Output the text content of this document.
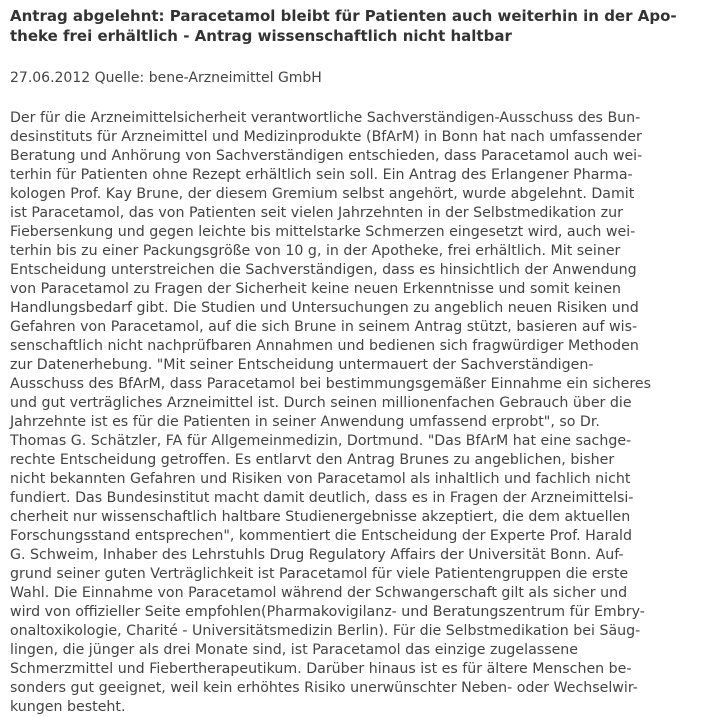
Antrag abgelehnt: Paracetamol bleibt für Patienten auch weiterhin in der Apo-
theke frei erhältlich - Antrag wissenschaftlich nicht haltbar
27.06.2012 Quelle: bene-Arzneimittel GmbH
Der für die Arzneimittelsicherheit verantwortliche Sachverständigen-Ausschuss des Bun-
desinstituts für Arzneimittel und Medizinprodukte (BfArM) in Bonn hat nach umfassender
Beratung und Anhörung von Sachverständigen entschieden, dass Paracetamol auch wei-
terhin für Patienten ohne Rezept erhältlich sein soll. Ein Antrag des Erlangener Pharma-
kologen Prof. Kay Brune, der diesem Gremium selbst angehört, wurde abgelehnt. Damit
ist Paracetamol, das von Patienten seit vielen Jahrzehnten in der Selbstmedikation zur
Fiebersenkung und gegen leichte bis mittelstarke Schmerzen eingesetzt wird, auch wei-
terhin bis zu einer Packungsgröße von 10 g, in der Apotheke, frei erhältlich. Mit seiner
Entscheidung unterstreichen die Sachverständigen, dass es hinsichtlich der Anwendung
von Paracetamol zu Fragen der Sicherheit keine neuen Erkenntnisse und somit keinen
Handlungsbedarf gibt. Die Studien und Untersuchungen zu angeblich neuen Risiken und
Gefahren von Paracetamol, auf die sich Brune in seinem Antrag stützt, basieren auf wis-
senschaftlich nicht nachprüfbaren Annahmen und bedienen sich fragwürdiger Methoden
zur Datenerhebung. "Mit seiner Entscheidung untermauert der Sachverständigen-
Ausschuss des BfArM, dass Paracetamol bei bestimmungsgemäßer Einnahme ein sicheres
und gut verträgliches Arzneimittel ist. Durch seinen millionenfachen Gebrauch über die
Jahrzehnte ist es für die Patienten in seiner Anwendung umfassend erprobt", so Dr.
Thomas G. Schätzler, FA für Allgemeinmedizin, Dortmund. "Das BfArM hat eine sachge-
rechte Entscheidung getroffen. Es entlarvt den Antrag Brunes zu angeblichen, bisher
nicht bekannten Gefahren und Risiken von Paracetamol als inhaltlich und fachlich nicht
fundiert. Das Bundesinstitut macht damit deutlich, dass es in Fragen der Arzneimittelsi-
cherheit nur wissenschaftlich haltbare Studienergebnisse akzeptiert, die dem aktuellen
Forschungsstand entsprechen", kommentiert die Entscheidung der Experte Prof. Harald
G. Schweim, Inhaber des Lehrstuhls Drug Regulatory Affairs der Universität Bonn. Auf-
grund seiner guten Verträglichkeit ist Paracetamol für viele Patientengruppen die erste
Wahl. Die Einnahme von Paracetamol während der Schwangerschaft gilt als sicher und
wird von offizieller Seite empfohlen(Pharmakovigilanz- und Beratungszentrum für Embry-
onaltoxikologie, Charité - Universitätsmedizin Berlin). Für die Selbstmedikation bei Säug-
lingen, die jünger als drei Monate sind, ist Paracetamol das einzige zugelassene
Schmerzmittel und Fiebertherapeutikum. Darüber hinaus ist es für ältere Menschen be-
sonders gut geeignet, weil kein erhöhtes Risiko unerwünschter Neben- oder Wechselwir-
kungen besteht.
